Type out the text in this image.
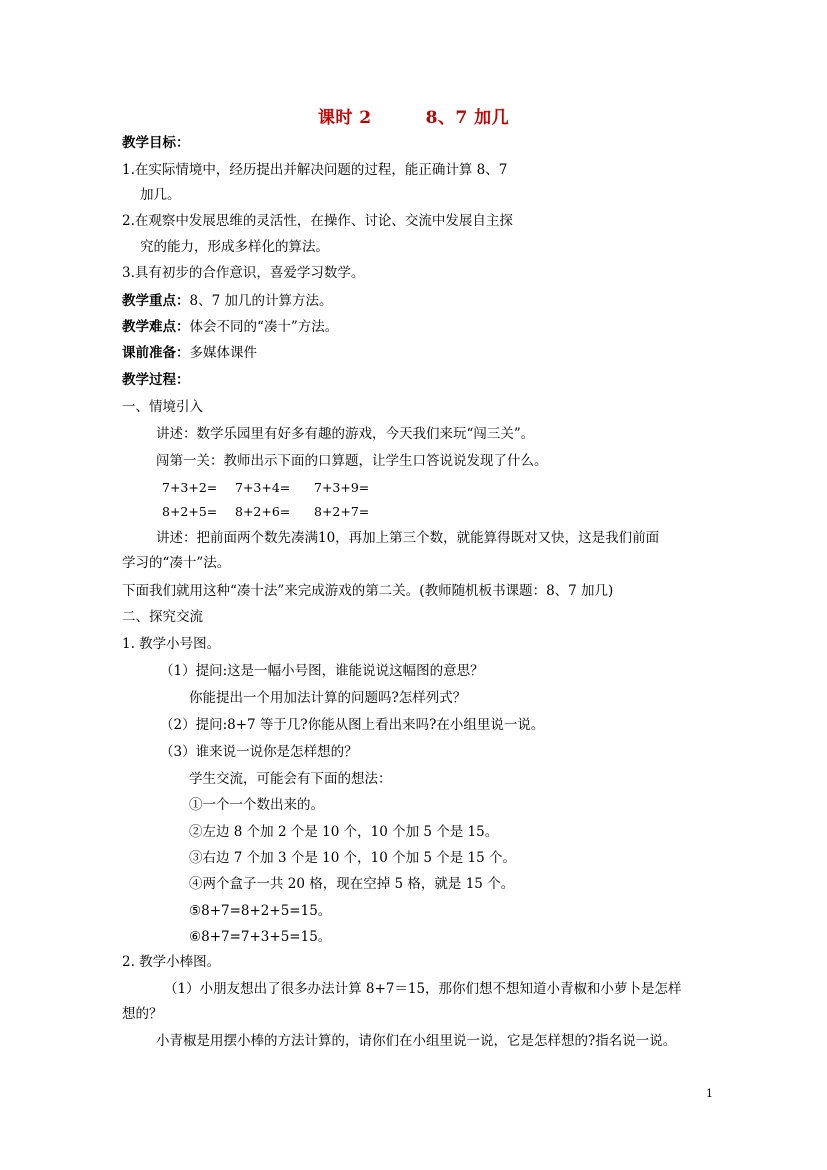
课时 2	8、7 加几
教学目标：
1.在实际情境中，经历提出并解决问题的过程，能正确计算 8、7
加几。
2.在观察中发展思维的灵活性，在操作、讨论、交流中发展自主探
究的能力，形成多样化的算法。
3.具有初步的合作意识，喜爱学习数学。
教学重点：8、7 加几的计算方法。
教学难点：体会不同的“凑十”方法。
课前准备：多媒体课件
教学过程：
一、情境引入
讲述：数学乐园里有好多有趣的游戏，今天我们来玩“闯三关”。
闯第一关：教师出示下面的口算题，让学生口答说说发现了什么。
7+3+2= 7+3+4= 7+3+9=
8+2+5= 8+2+6= 8+2+7=
讲述：把前面两个数先凑满10，再加上第三个数，就能算得既对又快，这是我们前面
学习的“凑十”法。
下面我们就用这种“凑十法”来完成游戏的第二关。(教师随机板书课题：8、7 加几)
二、探究交流
1. 教学小号图。
（1）提问:这是一幅小号图，谁能说说这幅图的意思？
你能提出一个用加法计算的问题吗?怎样列式？
（2）提问:8+7 等于几?你能从图上看出来吗?在小组里说一说。
（3）谁来说一说你是怎样想的？
学生交流，可能会有下面的想法：
①一个一个数出来的。
②左边 8 个加 2 个是 10 个，10 个加 5 个是 15。
③右边 7 个加 3 个是 10 个，10 个加 5 个是 15 个。
④两个盒子一共 20 格，现在空掉 5 格，就是 15 个。
⑤8+7=8+2+5=15。
⑥8+7=7+3+5=15。
2. 教学小棒图。
（1）小朋友想出了很多办法计算 8+7＝15，那你们想不想知道小青椒和小萝卜是怎样
想的？
小青椒是用摆小棒的方法计算的，请你们在小组里说一说，它是怎样想的?指名说一说。
1
